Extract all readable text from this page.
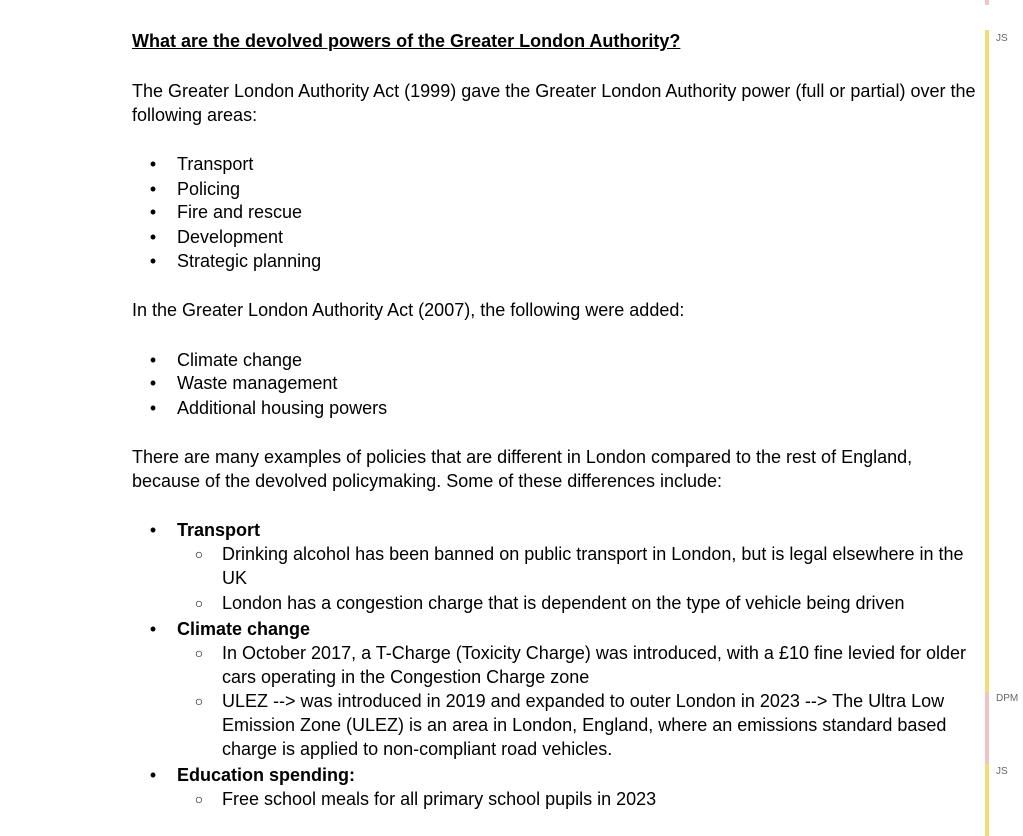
What are the devolved powers of the Greater London Authority?
The Greater London Authority Act (1999) gave the Greater London Authority power (full or partial) over the following areas:
• Transport
• Policing
• Fire and rescue
• Development
• Strategic planning
In the Greater London Authority Act (2007), the following were added:
• Climate change
• Waste management
• Additional housing powers
There are many examples of policies that are different in London compared to the rest of England, because of the devolved policymaking. Some of these differences include:
• Transport
○ Drinking alcohol has been banned on public transport in London, but is legal elsewhere in the UK
○ London has a congestion charge that is dependent on the type of vehicle being driven
• Climate change
○ In October 2017, a T-Charge (Toxicity Charge) was introduced, with a £10 fine levied for older cars operating in the Congestion Charge zone
○ ULEZ --> was introduced in 2019 and expanded to outer London in 2023 --> The Ultra Low Emission Zone (ULEZ) is an area in London, England, where an emissions standard based charge is applied to non-compliant road vehicles.
• Education spending:
○ Free school meals for all primary school pupils in 2023
JS
DPM
JS
